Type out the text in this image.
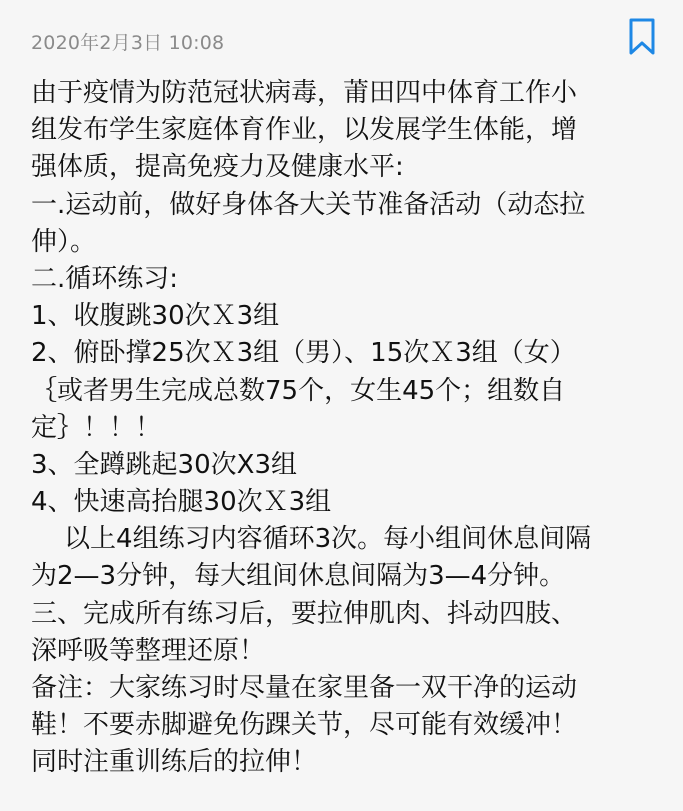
2020年2月3日 10:08
由于疫情为防范冠状病毒，莆田四中体育工作小
组发布学生家庭体育作业，以发展学生体能，增
强体质，提高免疫力及健康水平:
一.运动前，做好身体各大关节准备活动（动态拉
伸）。
二.循环练习:
1、收腹跳30次Ｘ3组
2、俯卧撑25次Ｘ3组（男）、15次Ｘ3组（女）
｛或者男生完成总数75个，女生45个；组数自
定｝！！！
3、全蹲跳起30次X3组
4、快速高抬腿30次Ｘ3组
以上4组练习内容循环3次。每小组间休息间隔
为2—3分钟，每大组间休息间隔为3—4分钟。
三、完成所有练习后，要拉伸肌肉、抖动四肢、
深呼吸等整理还原！
备注：大家练习时尽量在家里备一双干净的运动
鞋！不要赤脚避免伤踝关节，尽可能有效缓冲！
同时注重训练后的拉伸！
